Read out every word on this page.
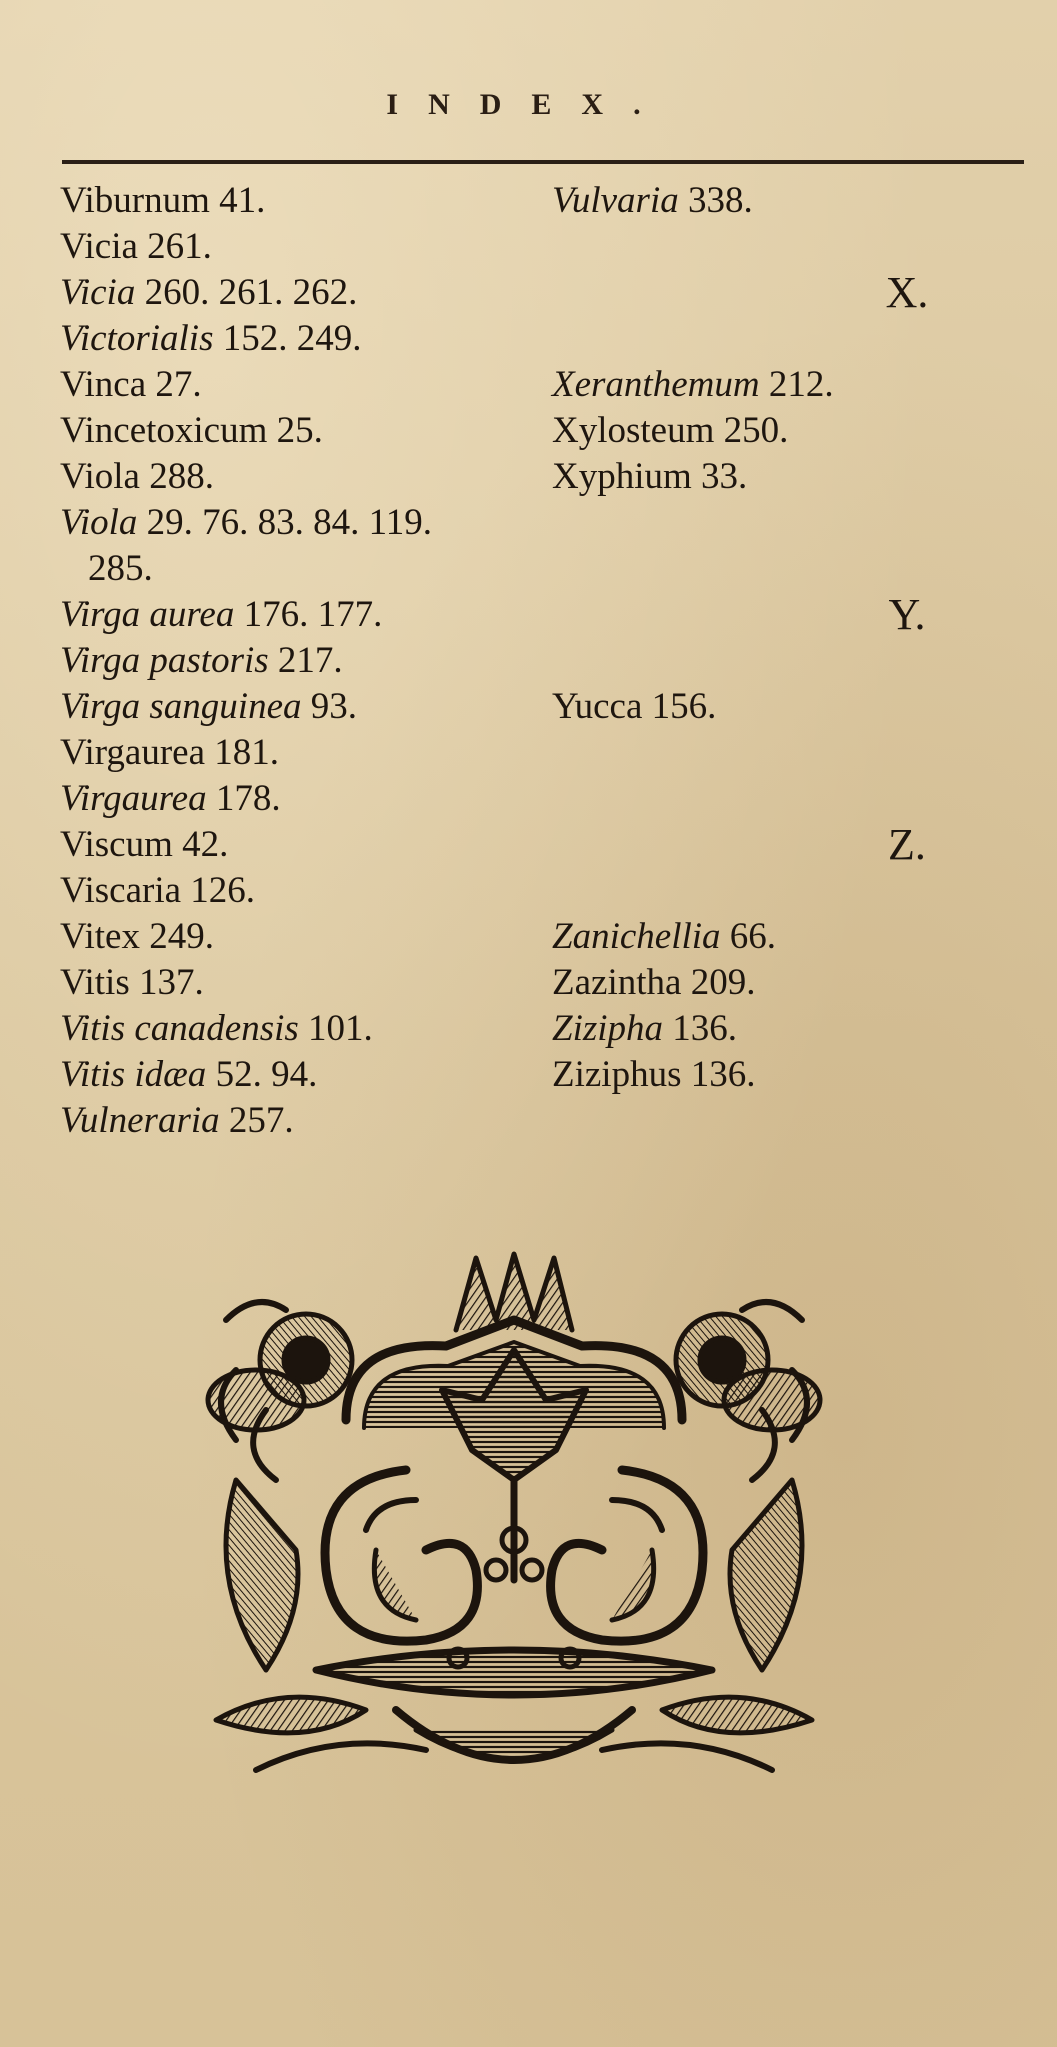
INDEX.
Viburnum 41.
Vicia 261.
Vicia 260. 261. 262.
Victorialis 152. 249.
Vinca 27.
Vincetoxicum 25.
Viola 288.
Viola 29. 76. 83. 84. 119.
285.
Virga aurea 176. 177.
Virga pastoris 217.
Virga sanguinea 93.
Virgaurea 181.
Virgaurea 178.
Viscum 42.
Viscaria 126.
Vitex 249.
Vitis 137.
Vitis canadensis 101.
Vitis idæa 52. 94.
Vulneraria 257.
Vulvaria 338.
X.
Xeranthemum 212.
Xylosteum 250.
Xyphium 33.
Y.
Yucca 156.
Z.
Zanichellia 66.
Zazintha 209.
Zizipha 136.
Ziziphus 136.
